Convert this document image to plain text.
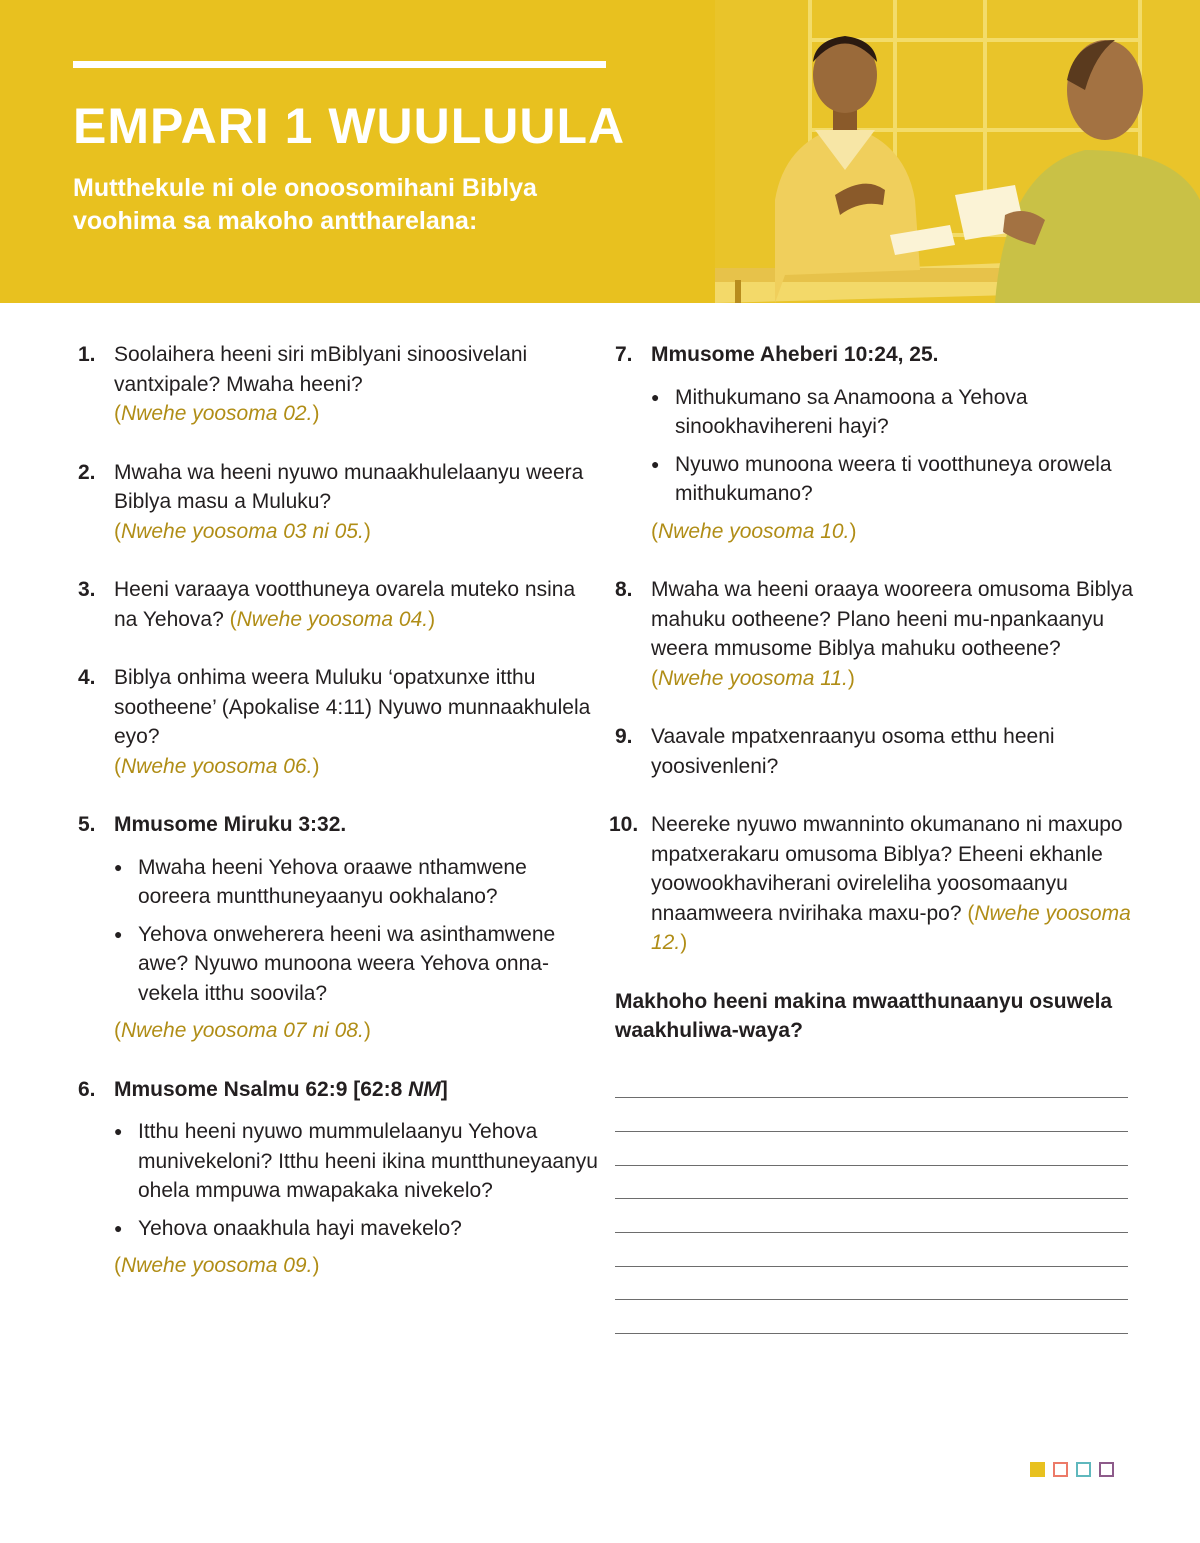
EMPARI 1 WUULUULA

Mutthekule ni ole onoosomihani Biblya voohima sa makoho anttharelana:

1. Soolaihera heeni siri mBiblyani sinoosivelani vantxipale? Mwaha heeni?
(Nwehe yoosoma 02.)
2. Mwaha wa heeni nyuwo munaakhulelaanyu weera Biblya masu a Muluku?
(Nwehe yoosoma 03 ni 05.)
3. Heeni varaaya vootthuneya ovarela muteko nsina na Yehova? (Nwehe yoosoma 04.)
4. Biblya onhima weera Muluku ‘opatxunxe itthu sootheene’ (Apokalise 4:11) Nyuwo munnaakhulela eyo?
(Nwehe yoosoma 06.)
5. Mmusome Miruku 3:32.
● Mwaha heeni Yehova oraawe nthamwene ooreera muntthuneyaanyu ookhalano?
● Yehova onweherera heeni wa asinthamwene awe? Nyuwo munoona weera Yehova onna-vekela itthu soovila?
(Nwehe yoosoma 07 ni 08.)
6. Mmusome Nsalmu 62:9 [62:8 NM]
● Itthu heeni nyuwo mummulelaanyu Yehova munivekeloni? Itthu heeni ikina muntthuneyaanyu ohela mmpuwa mwapakaka nivekelo?
● Yehova onaakhula hayi mavekelo?
(Nwehe yoosoma 09.)
7. Mmusome Aheberi 10:24, 25.
● Mithukumano sa Anamoona a Yehova sinookhavihereni hayi?
● Nyuwo munoona weera ti vootthuneya orowela mithukumano?
(Nwehe yoosoma 10.)
8. Mwaha wa heeni oraaya wooreera omusoma Biblya mahuku ootheene? Plano heeni mu-npankaanyu weera mmusome Biblya mahuku ootheene? (Nwehe yoosoma 11.)
9. Vaavale mpatxenraanyu osoma etthu heeni yoosivenleni?
10. Neereke nyuwo mwanninto okumanano ni maxupo mpatxerakaru omusoma Biblya? Eheeni ekhanle yoowookhaviherani ovireleliha yoosomaanyu nnaamweera nvirihaka maxu-po? (Nwehe yoosoma 12.)

Makhoho heeni makina mwaatthunaanyu osuwela waakhuliwa-waya?
